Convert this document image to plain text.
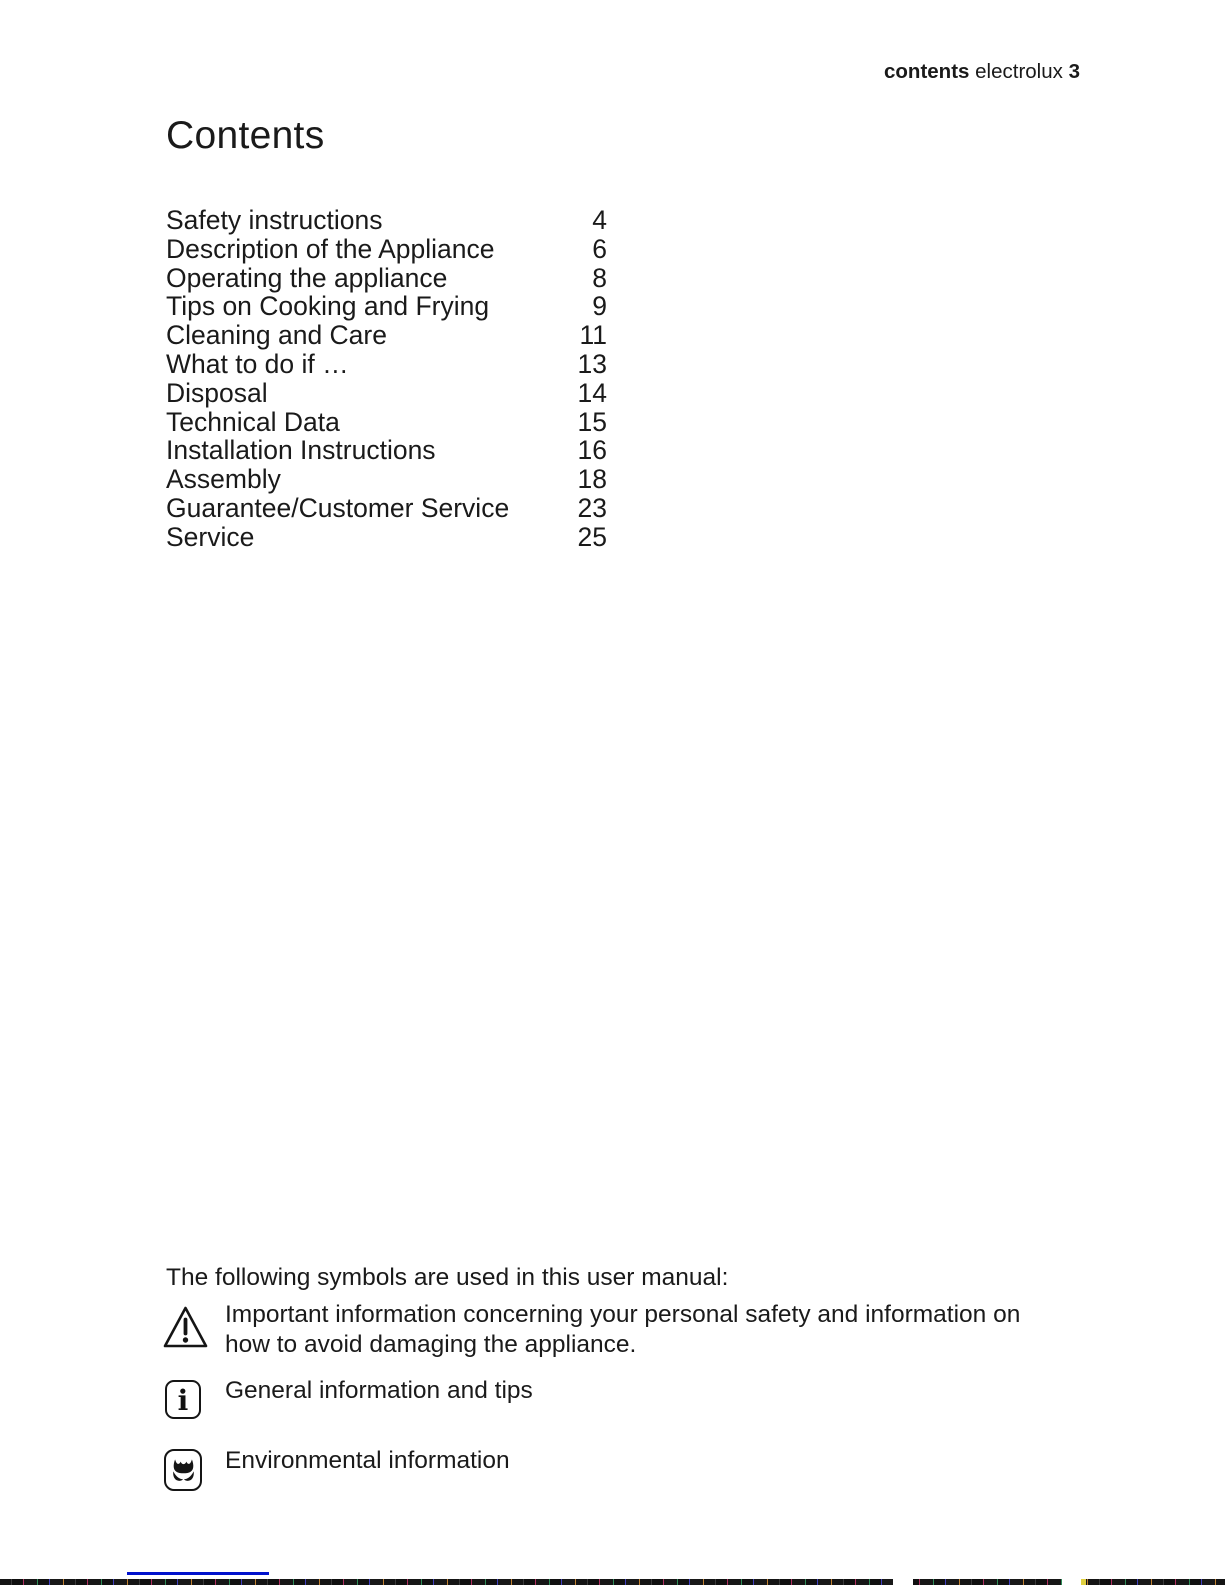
contents electrolux 3
Contents
Safety instructions	4
Description of the Appliance	6
Operating the appliance	8
Tips on Cooking and Frying	9
Cleaning and Care	11
What to do if …	13
Disposal	14
Technical Data	15
Installation Instructions	16
Assembly	18
Guarantee/Customer Service	23
Service	25
The following symbols are used in this user manual:
Important information concerning your personal safety and information on
how to avoid damaging the appliance.
i General information and tips
Environmental information
